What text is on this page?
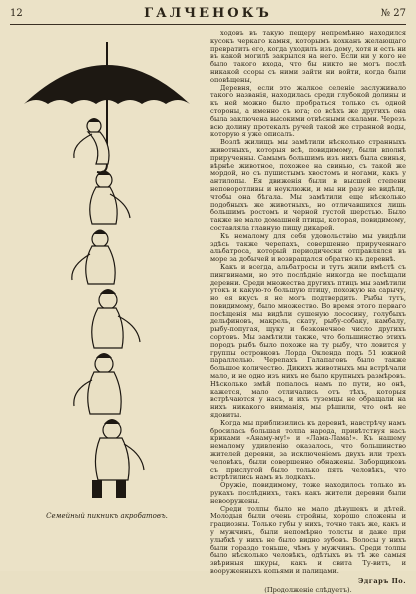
12	ГАЛЧЕНОКЪ	№ 27
Семейный пикникъ акробатовъ.

ходовъ въ такую пещеру непремѣнно находился кусокъ черкаго камня, которымъ кохканъ желающаго превратить его, когда уходилъ изъ дому, хотя и есть ни въ какой могилѣ закрылся на него. Если ни у кого не было такого входа, что бы никто не могъ послѣ никакой ссоры съ ними зайти ни войти, когда были оповѣщены,

Деревня, если это жалкое селеніе заслуживало такого названія, находилась среди глубокой долины и къ ней можно было пробраться только съ одной стороны, а именно съ юга; со всѣхъ же другихъ она была заключена высокими отвѣсными скалами. Черезъ всю долину протекалъ ручей такой же странной воды, которую я уже описалъ.

Возлѣ жилищъ мы замѣтили нѣсколько странныхъ животныхъ, которыя всѣ, повидимому, были вполнѣ прирученны. Самымъ большимъ изъ нихъ была свинья, вѣрнѣе животное, похожее на свинью, съ такой же мордой, но съ пушистымъ хвостомъ и ногами, какъ у антилопы. Ея движенія были в высшей степени неповоротливы и неуклюжи, и мы ни разу не видѣли, чтобы она бѣгала. Мы замѣтили еще нѣсколько подобныхъ же животныхъ, но отличавшихся лишь большимъ ростомъ и черной густой шерстью. Было также не мало домашней птицы, которая, повидимому, составляла главную пищу дикарей.

Къ немалому для себя удовольствію мы увидѣли здѣсь также черепахъ, совершенно прирученнаго альбатроса, который периодически отправлялся въ море за добычей и возвращался обратно къ деревнѣ.

Какъ и всегда, альбатросы и тутъ жили вмѣстѣ съ пингвинами, но это послѣдніе никогда не посѣщали деревни. Среди множества другихъ птицъ мы замѣтили утокъ и какую-то большую птицу, похожую на сарычу, но ея вкусъ я не могъ подтвердить. Рыбы тутъ, повидимому, было множество. Во время этого перваго посѣщенія мы видѣли сушеную лососину, голубыхъ дельфиновъ, макрель, скату, рыбу-собаку, камбалу, рыбу-попугая, щуку и безконечное число другихъ сортовъ. Мы замѣтили также, что большинство этихъ породъ рыбъ было похоже на ту рыбу, что ловится у группы островковъ Лорда Окленда подъ 51 южной параллелью. Черепахъ Галапаговъ было также большое количество. Дикихъ животныхъ мы встрѣчали мало, и не одно изъ нихъ не было крупныхъ размѣровъ. Нѣсколько змѣй попалось намъ по пути, но онѣ, кажется, мало отличались отъ тѣхъ, которыя встрѣчаются у насъ, и ихъ туземцы не обращали на нихъ никакого вниманія, мы рѣшили, что онѣ не ядовиты.

Когда мы приблизились къ деревнѣ, навстрѣчу намъ бросилась большая толпа народа, привѣтствуя насъ криками «Анаму-му!» и «Лама-Лама!». Къ нашему немалому удивленію оказалось, что большинство жителей деревни, за исключеніемъ двухъ или трехъ человѣкъ, были совершенно обнажены. Заборщиковъ съ прислугой было только пять человѣкъ, что встрѣтились намъ въ лодкахъ.

Оружіе, повидимому, тоже находилось только въ рукахъ послѣднихъ, такъ какъ жители деревни были невооружены.

Среди толпы было не мало дѣвушекъ и дѣтей. Молодыя были очень стройны, хорошо сложены и грациозны. Только губы у нихъ, точно такъ же, какъ и у мужчинъ, были непомѣрно толсты и даже при улыбкѣ у нихъ не было видно зубовъ. Волосы у нихъ были гораздо тоньше, чѣмъ у мужчинъ. Среди толпы было нѣсколько человѣкъ, одѣтыхъ въ тѣ же самыя звѣриныя шкуры, какъ и свита Ту-витъ, и вооруженныхъ копьями и палицами.

Эдгаръ По.
(Продолженіе слѣдуетъ).
